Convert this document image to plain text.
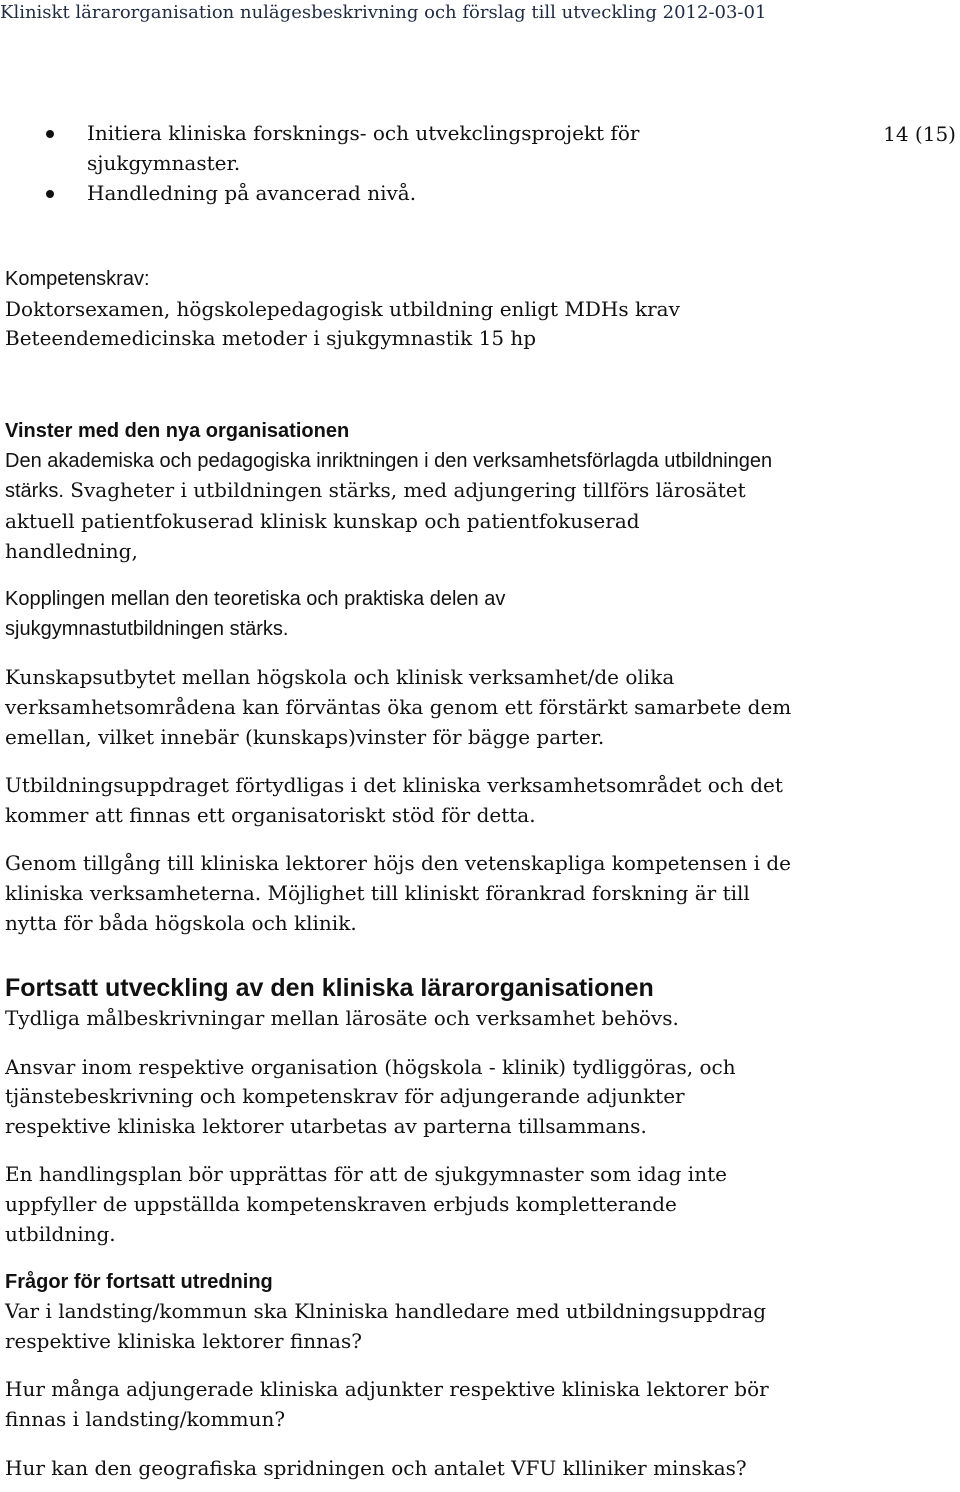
Kliniskt lärarorganisation nulägesbeskrivning och förslag till utveckling 2012-03-01
14 (15)
Initiera kliniska forsknings- och utvekclingsprojekt för sjukgymnaster.
Handledning på avancerad nivå.

Kompetenskrav:

Doktorsexamen, högskolepedagogisk utbildning enligt MDHs krav

Beteendemedicinska metoder i sjukgymnastik 15 hp

Vinster med den nya organisationen

Den akademiska och pedagogiska inriktningen i den verksamhetsförlagda utbildningen stärks. Svagheter i utbildningen stärks, med adjungering tillförs lärosätet aktuell patientfokuserad klinisk kunskap och patientfokuserad handledning,

Kopplingen mellan den teoretiska och praktiska delen av sjukgymnastutbildningen stärks.

Kunskapsutbytet mellan högskola och klinisk verksamhet/de olika verksamhetsområdena kan förväntas öka genom ett förstärkt samarbete dem emellan, vilket innebär (kunskaps)vinster för bägge parter.

Utbildningsuppdraget förtydligas i det kliniska verksamhetsområdet och det kommer att finnas ett organisatoriskt stöd för detta.

Genom tillgång till kliniska lektorer höjs den vetenskapliga kompetensen i de kliniska verksamheterna. Möjlighet till kliniskt förankrad forskning är till nytta för båda högskola och klinik.

Fortsatt utveckling av den kliniska lärarorganisationen

Tydliga målbeskrivningar mellan lärosäte och verksamhet behövs.

Ansvar inom respektive organisation (högskola - klinik) tydliggöras, och tjänstebeskrivning och kompetenskrav för adjungerande adjunkter respektive kliniska lektorer utarbetas av parterna tillsammans.

En handlingsplan bör upprättas för att de sjukgymnaster som idag inte uppfyller de uppställda kompetenskraven erbjuds kompletterande utbildning.

Frågor för fortsatt utredning

Var i landsting/kommun ska Klniniska handledare med utbildningsuppdrag respektive kliniska lektorer finnas?

Hur många adjungerade kliniska adjunkter respektive kliniska lektorer bör finnas i landsting/kommun?

Hur kan den geografiska spridningen och antalet VFU klliniker minskas?
